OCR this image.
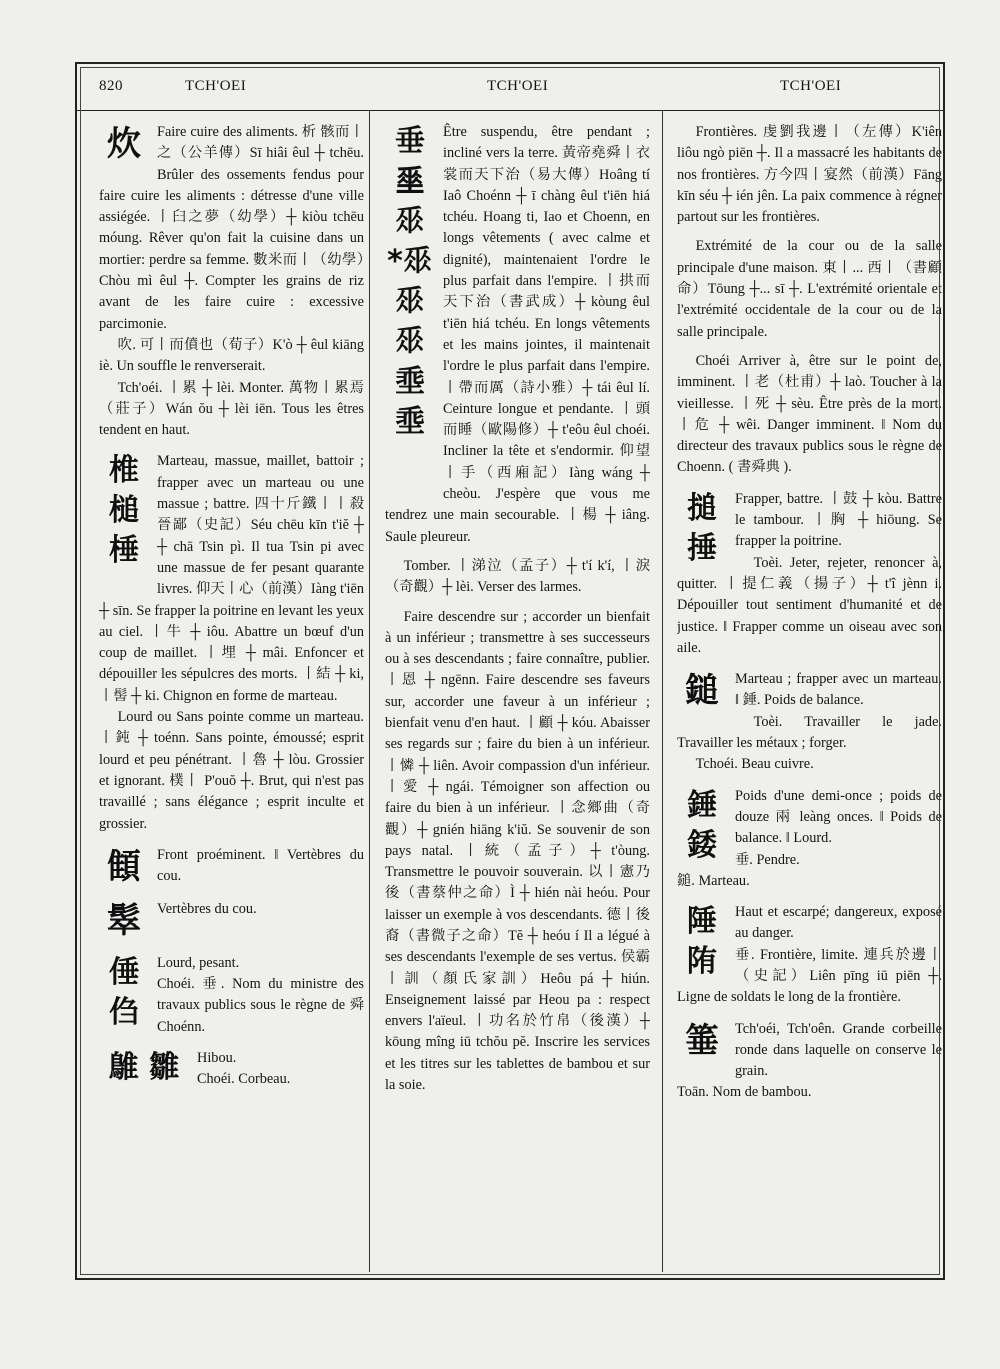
820	TCH'OEI	TCH'OEI	TCH'OEI
炊	Faire cuire des aliments. 析 骸而丨之（公羊傳）Sī hiâi êul ┼ tchēu. Brûler des ossements fendus pour faire cuire les aliments : détresse d'une ville assiégée. 丨臼之夢（幼學）┼ kiòu tchēu móung. Rêver qu'on fait la cuisine dans un mortier: perdre sa femme. 數米而丨（幼學）Chòu mì êul ┼. Compter les grains de riz avant de les faire cuire : excessive parcimonie.

吹. 可丨而僨也（荀子）K'ò ┼ êul kiāng iè. Un souffle le renverserait.

Tch'oéi. 丨累 ┼ lèi. Monter. 萬物丨累焉（莊子）Wán ŏu ┼ lèi iēn. Tous les êtres tendent en haut.

椎 槌 棰

Marteau, massue, maillet, battoir ; frapper avec un marteau ou une massue ; battre. 四十斤鐵丨丨殺晉鄙（史記）Séu chēu kīn t'iĕ ┼ ┼ chā Tsin pì. Il tua Tsin pi avec une massue de fer pesant quarante livres. 仰天丨心（前漢）Iàng t'iēn ┼ sīn. Se frapper la poitrine en levant les yeux au ciel. 丨牛 ┼ iôu. Abattre un bœuf d'un coup de maillet. 丨埋 ┼ mâi. Enfoncer et dépouiller les sépulcres des morts. 丨結 ┼ ki, 丨髻 ┼ ki. Chignon en forme de marteau.

Lourd ou Sans pointe comme un marteau. 丨鈍 ┼ toénn. Sans pointe, émoussé; esprit lourd et peu pénétrant. 丨魯 ┼ lòu. Grossier et ignorant. 樸丨 P'ouŏ ┼. Brut, qui n'est pas travaillé ; sans élégance ; esprit inculte et grossier.

顀	Front proéminent. ‖ Vertèbres du cou.

䯿	Vertèbres du cou.

倕 㑇

Lourd, pesant.

Choéi. 垂. Nom du ministre des travaux publics sous le règne de 舜 Choénn.

鵻 雛	Hibou.

Choéi. Corbeau.

垂 𡍮 𠂹 *𠂹 𠂹 𠂹 埀 埀

Être suspendu, être pendant ; incliné vers la terre. 黃帝堯舜丨衣裳而天下治（易大傳）Hoâng tí Iaô Choénn ┼ ī chàng êul t'iēn hiá tchéu. Hoang ti, Iao et Choenn, en longs vêtements ( avec calme et dignité), maintenaient l'ordre le plus parfait dans l'empire. 丨拱而天下治（書武成）┼ kòung êul t'iēn hiá tchéu. En longs vêtements et les mains jointes, il maintenait l'ordre le plus parfait dans l'empire. 丨帶而厲（詩小雅）┼ tái êul lí. Ceinture longue et pendante. 丨頭而睡（歐陽修）┼ t'eôu êul choéi. Incliner la tête et s'endormir. 仰望丨手（西廂記）Iàng wáng ┼ cheòu. J'espère que vous me tendrez une main secourable. 丨楊 ┼ iâng. Saule pleureur.

Tomber. 丨涕泣（孟子）┼ t'í k'í, 丨淚（奇觀）┼ lèi. Verser des larmes.

Faire descendre sur ; accorder un bienfait à un inférieur ; transmettre à ses successeurs ou à ses descendants ; faire connaître, publier. 丨恩 ┼ ngēnn. Faire descendre ses faveurs sur, accorder une faveur à un inférieur ; bienfait venu d'en haut. 丨顧 ┼ kóu. Abaisser ses regards sur ; faire du bien à un inférieur. 丨憐 ┼ liên. Avoir compassion d'un inférieur. 丨愛 ┼ ngái. Témoigner son affection ou faire du bien à un inférieur. 丨念鄉曲（奇觀）┼ gnién hiāng k'iŭ. Se souvenir de son pays natal. 丨統（孟子）┼ t'òung. Transmettre le pouvoir souverain. 以丨憲乃後（書蔡仲之命）Ì ┼ hién nài heóu. Pour laisser un exemple à vos descendants. 德丨後裔（書微子之命）Tĕ ┼ heóu í Il a légué à ses descendants l'exemple de ses vertus. 侯霸丨訓（顏氏家訓）Heôu pá ┼ hiún. Enseignement laissé par Heou pa : respect envers l'aïeul. 丨功名於竹帛（後漢）┼ kōung mîng iū tchŏu pĕ. Inscrire les services et les titres sur les tablettes de bambou et sur la soie.

Frontières. 虔劉我邊丨（左傳）K'iên liôu ngò piēn ┼. Il a massacré les habitants de nos frontières. 方今四丨宴然（前漢）Fāng kīn séu ┼ ién jên. La paix commence à régner partout sur les frontières.

Extrémité de la cour ou de la salle principale d'une maison. 東丨... 西丨（書顧命）Tōung ┼... sī ┼. L'extrémité orientale et l'extrémité occidentale de la cour ou de la salle principale.

Choéi Arriver à, être sur le point de, imminent. 丨老（杜甫）┼ laò. Toucher à la vieillesse. 丨死 ┼ sèu. Être près de la mort. 丨危 ┼ wêi. Danger imminent. ‖ Nom du directeur des travaux publics sous le règne de Choenn. ( 書舜典 ).

搥 捶

Frapper, battre. 丨鼓 ┼ kòu. Battre le tambour. 丨胸 ┼ hiōung. Se frapper la poitrine.

Toèi. Jeter, rejeter, renoncer à, quitter. 丨提仁義（揚子）┼ t'î jènn i. Dépouiller tout sentiment d'humanité et de justice. ‖ Frapper comme un oiseau avec son aile.

鎚	Marteau ; frapper avec un marteau. ‖ 錘. Poids de balance.

Toèi. Travailler le jade. Travailler les métaux ; forger.

Tchoéi. Beau cuivre.

錘 錗

Poids d'une demi-once ; poids de douze 兩 leàng onces. ‖ Poids de balance. ‖ Lourd.

垂. Pendre.

鎚. Marteau.

陲 陏

Haut et escarpé; dangereux, exposé au danger.

垂. Frontière, limite. 連兵於邊丨（史記）Liên pīng iū piēn ┼. Ligne de soldats le long de la frontière.

箠	Tch'oéi, Tch'oên. Grande corbeille ronde dans laquelle on conserve le grain.

Toān. Nom de bambou.
